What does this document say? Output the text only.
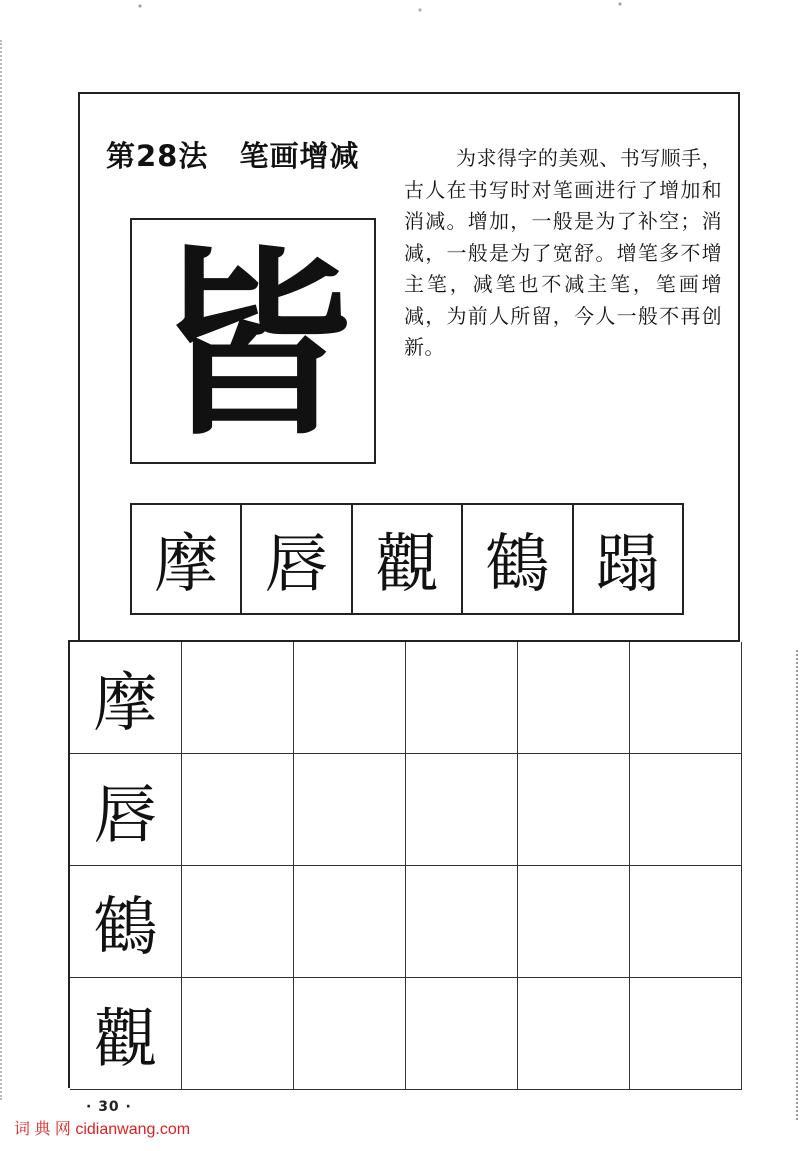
第28法 笔画增减	为求得字的美观、书写顺手，古人在书写时对笔画进行了增加和消减。增加，一般是为了补空；消减，一般是为了宽舒。增笔多不增主笔，减笔也不减主笔，笔画增减，为前人所留，今人一般不再创新。

皆
摩 唇 觀 鶴 蹋
摩
唇
鶴
觀
· 30 ·
词 典 网 cidianwang.com
